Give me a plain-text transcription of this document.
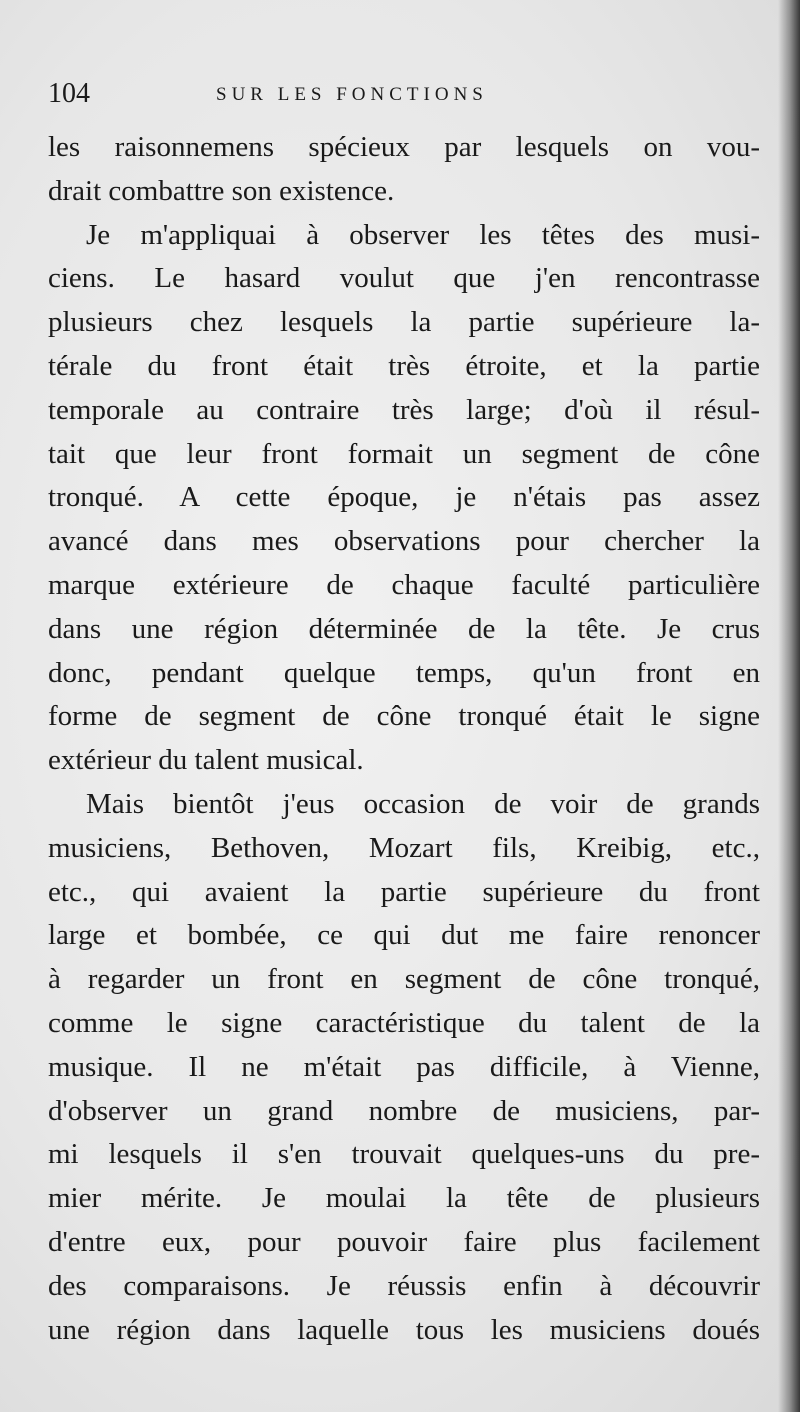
104	SUR LES FONCTIONS
les raisonnemens spécieux par lesquels on vou-
drait combattre son existence.
Je m'appliquai à observer les têtes des musi-
ciens. Le hasard voulut que j'en rencontrasse
plusieurs chez lesquels la partie supérieure la-
térale du front était très étroite, et la partie
temporale au contraire très large; d'où il résul-
tait que leur front formait un segment de cône
tronqué. A cette époque, je n'étais pas assez
avancé dans mes observations pour chercher la
marque extérieure de chaque faculté particulière
dans une région déterminée de la tête. Je crus
donc, pendant quelque temps, qu'un front en
forme de segment de cône tronqué était le signe
extérieur du talent musical.
Mais bientôt j'eus occasion de voir de grands
musiciens, Bethoven, Mozart fils, Kreibig, etc.,
etc., qui avaient la partie supérieure du front
large et bombée, ce qui dut me faire renoncer
à regarder un front en segment de cône tronqué,
comme le signe caractéristique du talent de la
musique. Il ne m'était pas difficile, à Vienne,
d'observer un grand nombre de musiciens, par-
mi lesquels il s'en trouvait quelques-uns du pre-
mier mérite. Je moulai la tête de plusieurs
d'entre eux, pour pouvoir faire plus facilement
des comparaisons. Je réussis enfin à découvrir
une région dans laquelle tous les musiciens doués
